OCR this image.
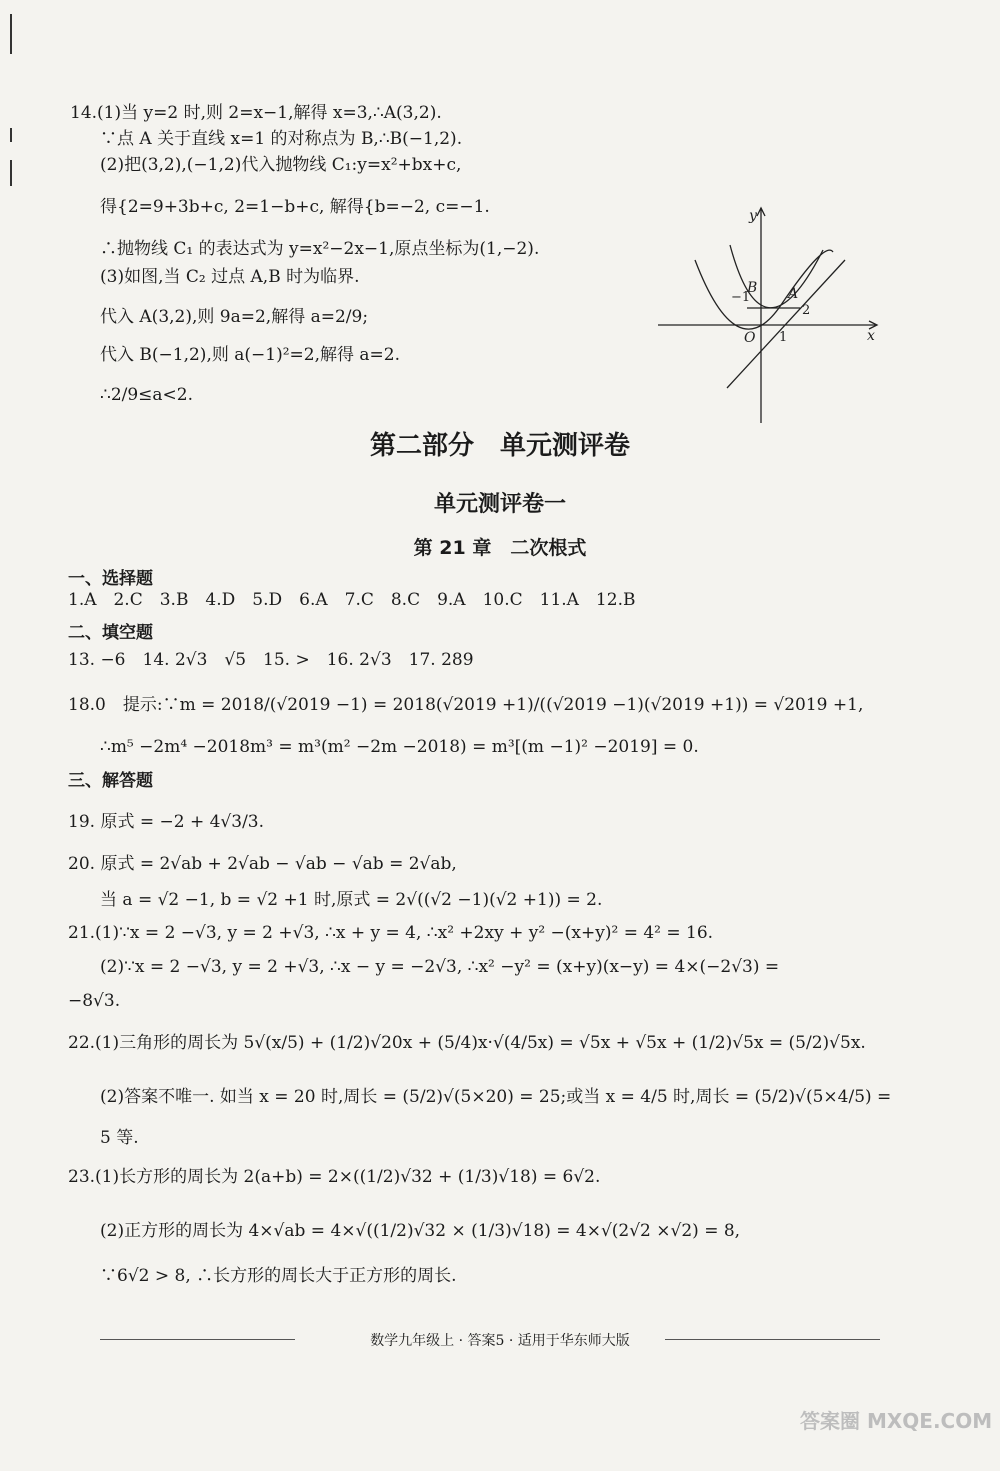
14.(1)当 y=2 时,则 2=x−1,解得 x=3,∴A(3,2).
∵点 A 关于直线 x=1 的对称点为 B,∴B(−1,2).
(2)把(3,2),(−1,2)代入抛物线 C₁:y=x²+bx+c,
得{2=9+3b+c, 2=1−b+c, 解得{b=−2, c=−1.
∴抛物线 C₁ 的表达式为 y=x²−2x−1,原点坐标为(1,−2).
(3)如图,当 C₂ 过点 A,B 时为临界.
代入 A(3,2),则 9a=2,解得 a=2/9;
代入 B(−1,2),则 a(−1)²=2,解得 a=2.
∴2/9≤a<2.
y
x
O
A
B
1
2
−1
第二部分　单元测评卷
单元测评卷一
第 21 章　二次根式
一、选择题
1.A　2.C　3.B　4.D　5.D　6.A　7.C　8.C　9.A　10.C　11.A　12.B
二、填空题
13. −6　14. 2√3　√5　15. >　16. 2√3　17. 289
18.0　提示:∵m = 2018/(√2019 −1) = 2018(√2019 +1)/((√2019 −1)(√2019 +1)) = √2019 +1,
∴m⁵ −2m⁴ −2018m³ = m³(m² −2m −2018) = m³[(m −1)² −2019] = 0.
三、解答题
19. 原式 = −2 + 4√3/3.
20. 原式 = 2√ab + 2√ab − √ab − √ab = 2√ab,
当 a = √2 −1, b = √2 +1 时,原式 = 2√((√2 −1)(√2 +1)) = 2.
21.(1)∵x = 2 −√3, y = 2 +√3, ∴x + y = 4, ∴x² +2xy + y² −(x+y)² = 4² = 16.
(2)∵x = 2 −√3, y = 2 +√3, ∴x − y = −2√3, ∴x² −y² = (x+y)(x−y) = 4×(−2√3) =
−8√3.
22.(1)三角形的周长为 5√(x/5) + (1/2)√20x + (5/4)x·√(4/5x) = √5x + √5x + (1/2)√5x = (5/2)√5x.
(2)答案不唯一. 如当 x = 20 时,周长 = (5/2)√(5×20) = 25;或当 x = 4/5 时,周长 = (5/2)√(5×4/5) =
5 等.
23.(1)长方形的周长为 2(a+b) = 2×((1/2)√32 + (1/3)√18) = 6√2.
(2)正方形的周长为 4×√ab = 4×√((1/2)√32 × (1/3)√18) = 4×√(2√2 ×√2) = 8,
∵6√2 > 8, ∴长方形的周长大于正方形的周长.
数学九年级上 · 答案5 · 适用于华东师大版
答案圈 MXQE.COM
